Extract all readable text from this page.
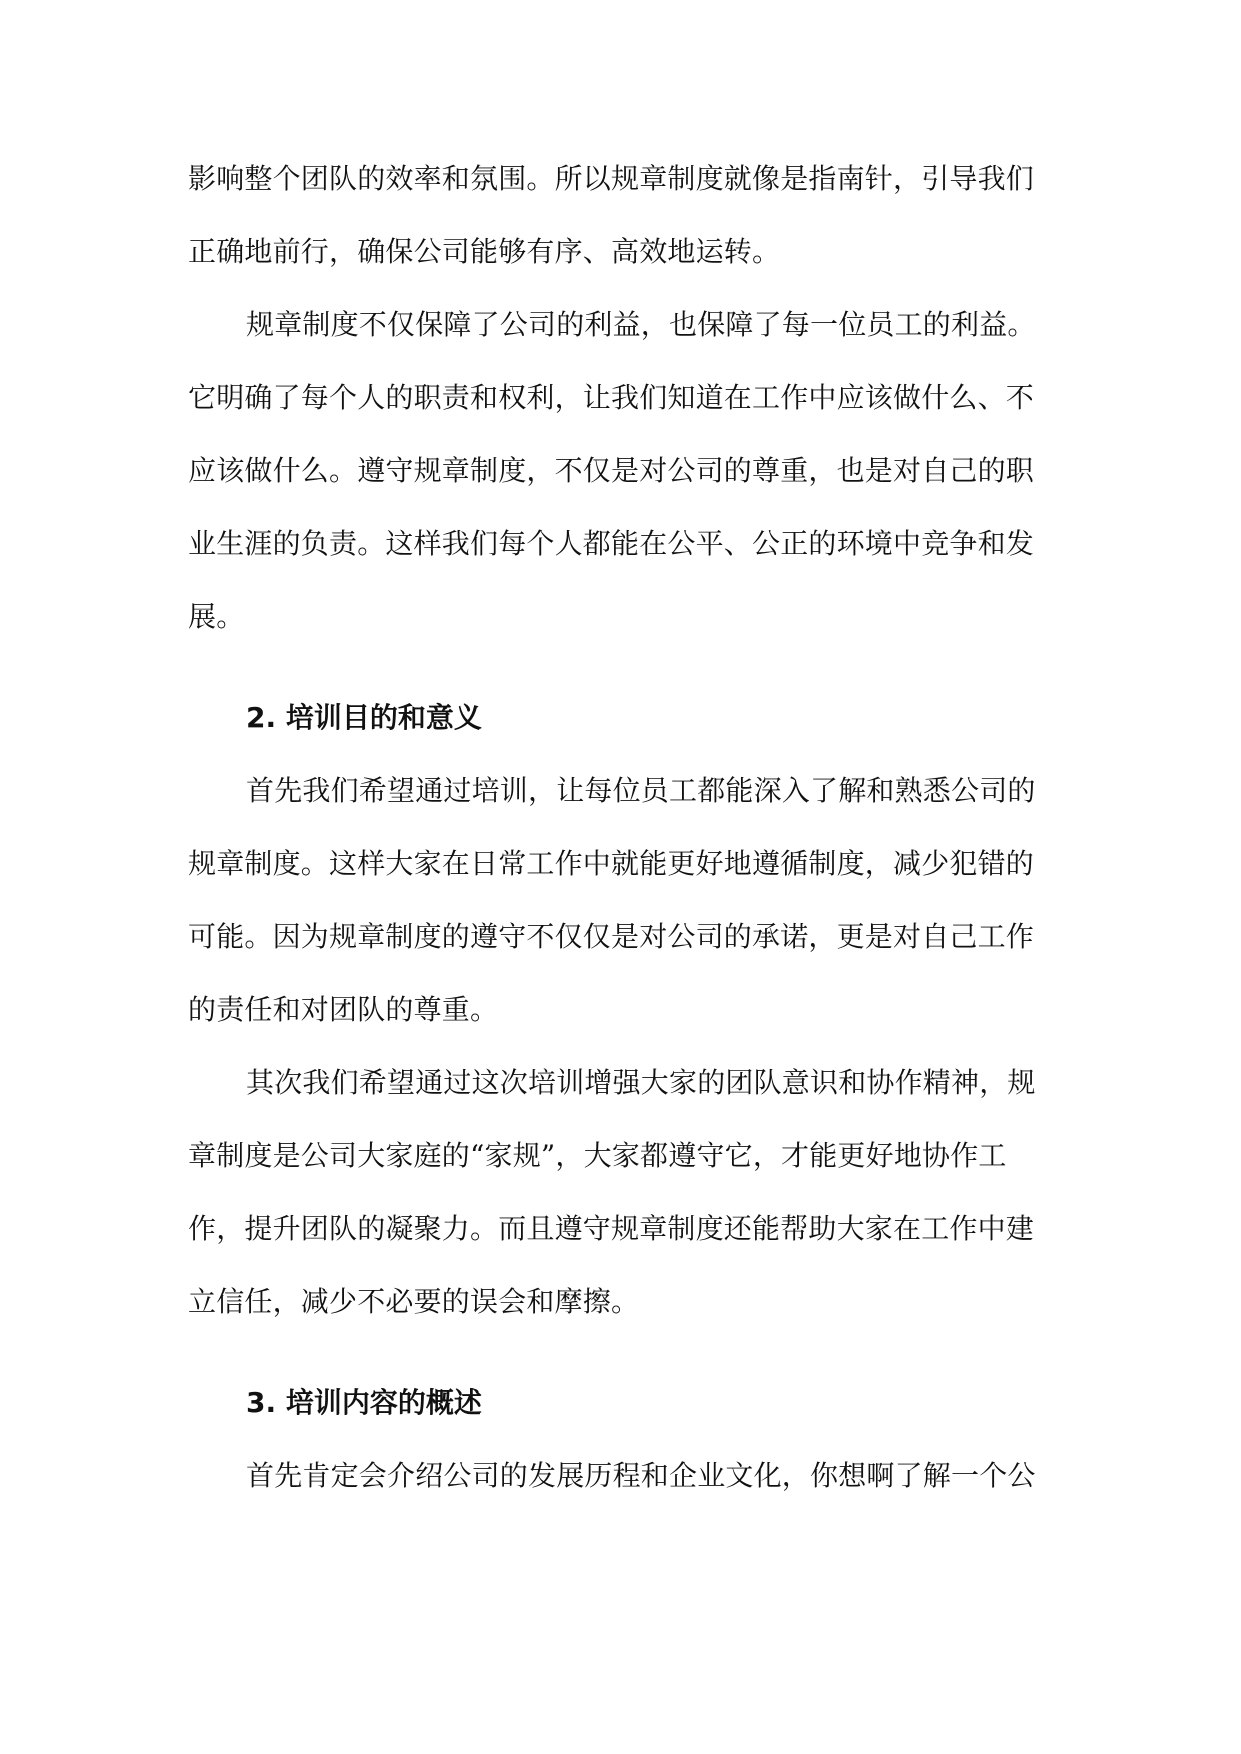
影响整个团队的效率和氛围。所以规章制度就像是指南针，引导我们
正确地前行，确保公司能够有序、高效地运转。

规章制度不仅保障了公司的利益，也保障了每一位员工的利益。
它明确了每个人的职责和权利，让我们知道在工作中应该做什么、不
应该做什么。遵守规章制度，不仅是对公司的尊重，也是对自己的职
业生涯的负责。这样我们每个人都能在公平、公正的环境中竞争和发
展。

2. 培训目的和意义

首先我们希望通过培训，让每位员工都能深入了解和熟悉公司的
规章制度。这样大家在日常工作中就能更好地遵循制度，减少犯错的
可能。因为规章制度的遵守不仅仅是对公司的承诺，更是对自己工作
的责任和对团队的尊重。

其次我们希望通过这次培训增强大家的团队意识和协作精神，规
章制度是公司大家庭的“家规”，大家都遵守它，才能更好地协作工
作，提升团队的凝聚力。而且遵守规章制度还能帮助大家在工作中建
立信任，减少不必要的误会和摩擦。

3. 培训内容的概述

首先肯定会介绍公司的发展历程和企业文化，你想啊了解一个公
